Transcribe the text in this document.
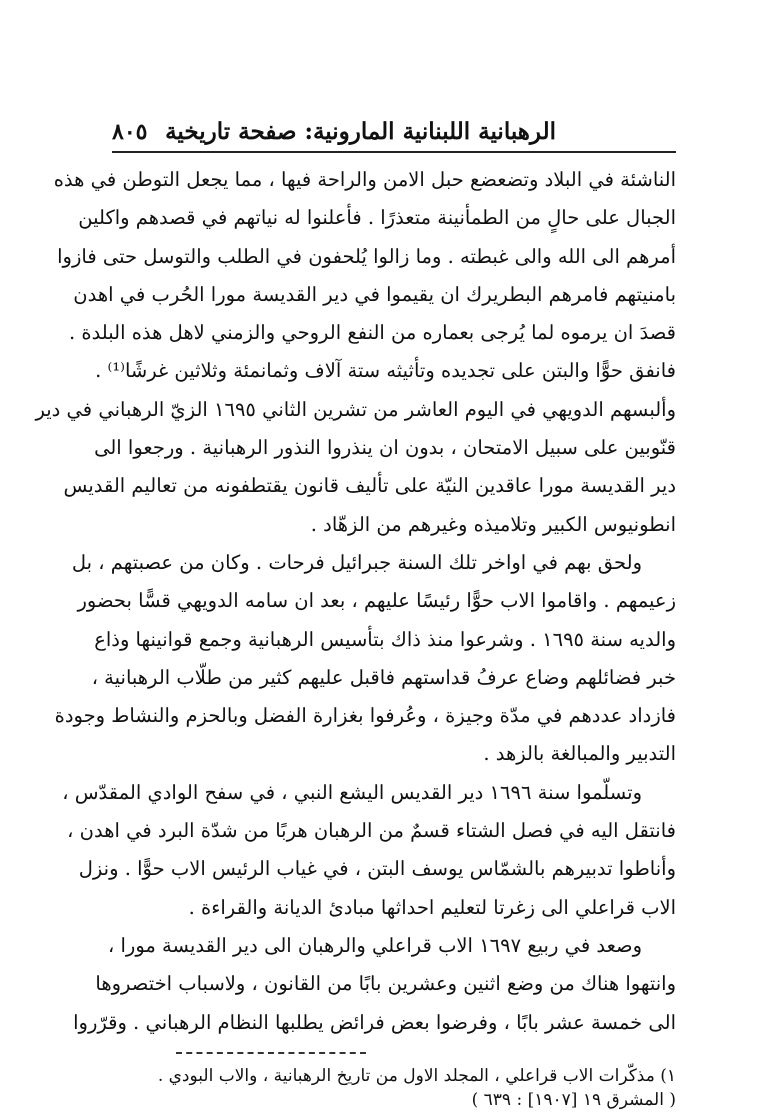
الرهبانية اللبنانية المارونية: صفحة تاريخية
٨٠٥
الناشئة في البلاد وتضعضع حبل الامن والراحة فيها ، مما يجعل التوطن في هذه
الجبال على حالٍ من الطمأنينة متعذرًا . فأعلنوا له نياتهم في قصدهم واكلين
أمرهم الى الله والى غبطته . وما زالوا يُلحفون في الطلب والتوسل حتى فازوا
بامنيتهم فامرهم البطريرك ان يقيموا في دير القديسة مورا الحُرب في اهدن
قصدَ ان يرموه لما يُرجى بعماره من النفع الروحي والزمني لاهل هذه البلدة .
فانفق حوًّا والبتن على تجديده وتأثيثه ستة آلاف وثمانمئة وثلاثين غرشًا⁽¹⁾ .
وألبسهم الدويهي في اليوم العاشر من تشرين الثاني ١٦٩٥ الزيّ الرهباني في دير
قنّوبين على سبيل الامتحان ، بدون ان ينذروا النذور الرهبانية . ورجعوا الى
دير القديسة مورا عاقدين النيّة على تأليف قانون يقتطفونه من تعاليم القديس
انطونيوس الكبير وتلاميذه وغيرهم من الزهّاد .
ولحق بهم في اواخر تلك السنة جبرائيل فرحات . وكان من عصبتهم ، بل
زعيمهم . واقاموا الاب حوًّا رئيسًا عليهم ، بعد ان سامه الدويهي قسًّا بحضور
والديه سنة ١٦٩٥ . وشرعوا منذ ذاك بتأسيس الرهبانية وجمع قوانينها وذاع
خبر فضائلهم وضاع عرفُ قداستهم فاقبل عليهم كثير من طلّاب الرهبانية ،
فازداد عددهم في مدّة وجيزة ، وعُرفوا بغزارة الفضل وبالحزم والنشاط وجودة
التدبير والمبالغة بالزهد .
وتسلّموا سنة ١٦٩٦ دير القديس اليشع النبي ، في سفح الوادي المقدّس ،
فانتقل اليه في فصل الشتاء قسمٌ من الرهبان هربًا من شدّة البرد في اهدن ،
وأناطوا تدبيرهم بالشمّاس يوسف البتن ، في غياب الرئيس الاب حوًّا . ونزل
الاب قراعلي الى زغرتا لتعليم احداثها مبادئ الديانة والقراءة .
وصعد في ربيع ١٦٩٧ الاب قراعلي والرهبان الى دير القديسة مورا ،
وانتهوا هناك من وضع اثنين وعشرين بابًا من القانون ، ولاسباب اختصروها
الى خمسة عشر بابًا ، وفرضوا بعض فرائض يطلبها النظام الرهباني . وقرّروا
١) مذكّرات الاب قراعلي ، المجلد الاول من تاريخ الرهبانية ، والاب البودي .
( المشرق ١٩ [١٩٠٧] : ٦٣٩ )
